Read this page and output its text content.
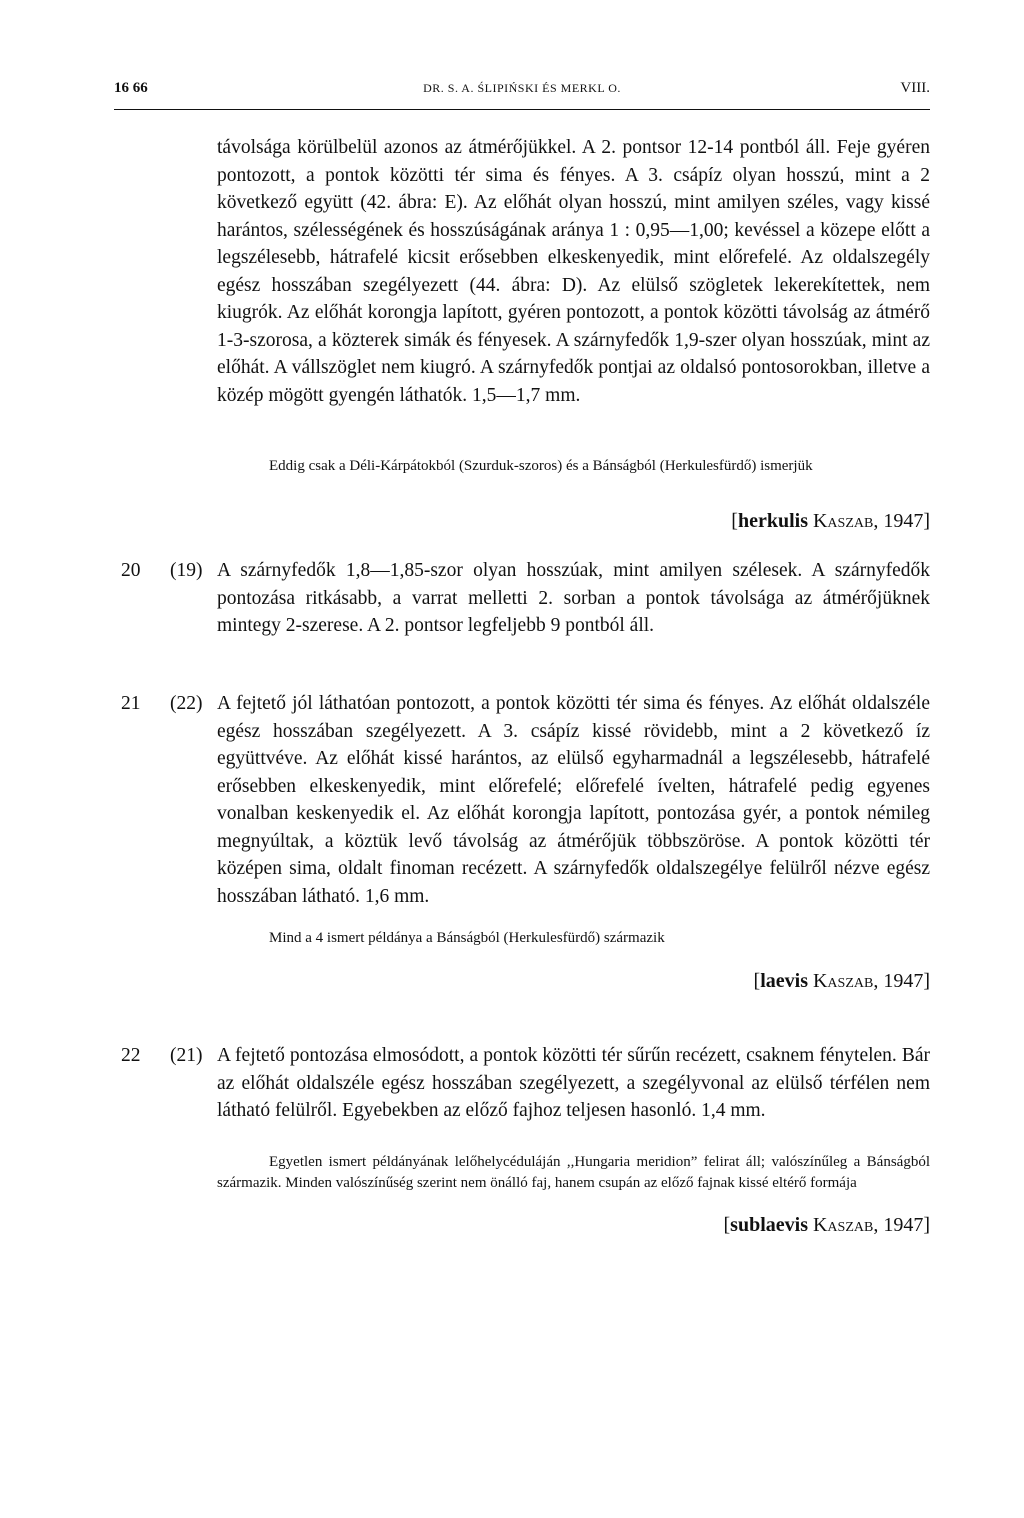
16 66	DR. S. A. ŚLIPIŃSKI ÉS MERKL O.	VIII.
távolsága körülbelül azonos az átmérőjükkel. A 2. pontsor 12-14 pontból áll. Feje gyéren pontozott, a pontok közötti tér sima és fényes. A 3. csápíz olyan hosszú, mint a 2 következő együtt (42. ábra: E). Az előhát olyan hosszú, mint amilyen széles, vagy kissé harántos, szélességének és hosszúságának aránya 1 : 0,95—1,00; kevéssel a közepe előtt a legszélesebb, hátrafelé kicsit erősebben elkeskenyedik, mint előrefelé. Az oldalszegély egész hosszában szegélyezett (44. ábra: D). Az elülső szögletek lekerekítettek, nem kiugrók. Az előhát korongja lapított, gyéren pontozott, a pontok közötti távolság az átmérő 1-3-szorosa, a közterek simák és fényesek. A szárnyfedők 1,9-szer olyan hosszúak, mint az előhát. A vállszöglet nem kiugró. A szárnyfedők pontjai az oldalsó pontosorokban, illetve a közép mögött gyengén láthatók. 1,5—1,7 mm.
Eddig csak a Déli-Kárpátokból (Szurduk-szoros) és a Bánságból (Herkulesfürdő) ismerjük
[herkulis Kaszab, 1947]
20 (19) A szárnyfedők 1,8—1,85-szor olyan hosszúak, mint amilyen szélesek. A szárnyfedők pontozása ritkásabb, a varrat melletti 2. sorban a pontok távolsága az átmérőjüknek mintegy 2-szerese. A 2. pontsor legfeljebb 9 pontból áll.
21 (22) A fejtető jól láthatóan pontozott, a pontok közötti tér sima és fényes. Az előhát oldalszéle egész hosszában szegélyezett. A 3. csápíz kissé rövidebb, mint a 2 következő íz együttvéve. Az előhát kissé harántos, az elülső egyharmadnál a legszélesebb, hátrafelé erősebben elkeskenyedik, mint előrefelé; előrefelé ívelten, hátrafelé pedig egyenes vonalban keskenyedik el. Az előhát korongja lapított, pontozása gyér, a pontok némileg megnyúltak, a köztük levő távolság az átmérőjük többszöröse. A pontok közötti tér középen sima, oldalt finoman recézett. A szárnyfedők oldalszegélye felülről nézve egész hosszában látható. 1,6 mm.
Mind a 4 ismert példánya a Bánságból (Herkulesfürdő) származik
[laevis Kaszab, 1947]
22 (21) A fejtető pontozása elmosódott, a pontok közötti tér sűrűn recézett, csaknem fénytelen. Bár az előhát oldalszéle egész hosszában szegélyezett, a szegélyvonal az elülső térfélen nem látható felülről. Egyebekben az előző fajhoz teljesen hasonló. 1,4 mm.
Egyetlen ismert példányának lelőhelycéduláján ,,Hungaria meridion” felirat áll; valószínűleg a Bánságból származik. Minden valószínűség szerint nem önálló faj, hanem csupán az előző fajnak kissé eltérő formája
[sublaevis Kaszab, 1947]
